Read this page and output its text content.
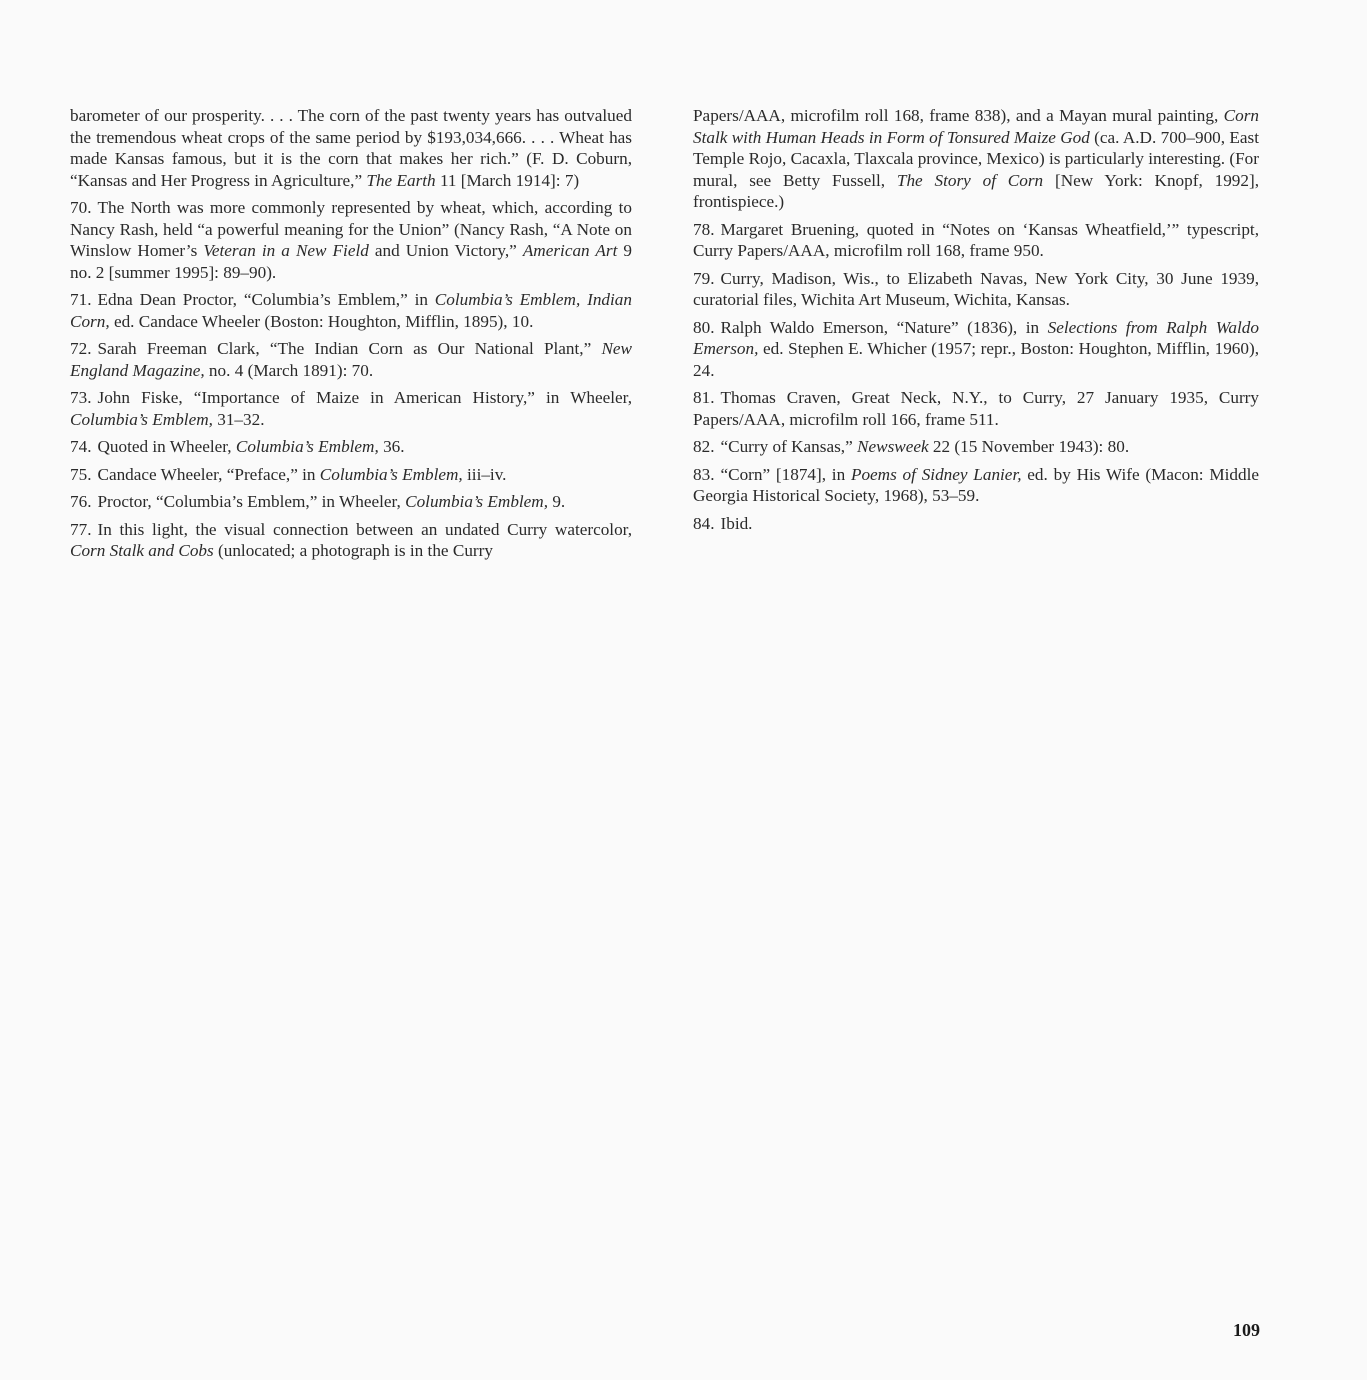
barometer of our prosperity. . . . The corn of the past twenty years has outvalued the tremendous wheat crops of the same period by $193,034,666. . . . Wheat has made Kansas famous, but it is the corn that makes her rich.” (F. D. Coburn, “Kansas and Her Progress in Agriculture,” The Earth 11 [March 1914]: 7)

70. The North was more commonly represented by wheat, which, according to Nancy Rash, held “a powerful meaning for the Union” (Nancy Rash, “A Note on Winslow Homer’s Veteran in a New Field and Union Victory,” American Art 9 no. 2 [summer 1995]: 89–90).

71. Edna Dean Proctor, “Columbia’s Emblem,” in Columbia’s Emblem, Indian Corn, ed. Candace Wheeler (Boston: Houghton, Mifflin, 1895), 10.

72. Sarah Freeman Clark, “The Indian Corn as Our National Plant,” New England Magazine, no. 4 (March 1891): 70.

73. John Fiske, “Importance of Maize in American History,” in Wheeler, Columbia’s Emblem, 31–32.

74. Quoted in Wheeler, Columbia’s Emblem, 36.

75. Candace Wheeler, “Preface,” in Columbia’s Emblem, iii–iv.

76. Proctor, “Columbia’s Emblem,” in Wheeler, Columbia’s Emblem, 9.

77. In this light, the visual connection between an undated Curry watercolor, Corn Stalk and Cobs (unlocated; a photograph is in the Curry

Papers/AAA, microfilm roll 168, frame 838), and a Mayan mural painting, Corn Stalk with Human Heads in Form of Tonsured Maize God (ca. A.D. 700–900, East Temple Rojo, Cacaxla, Tlaxcala province, Mexico) is particularly interesting. (For mural, see Betty Fussell, The Story of Corn [New York: Knopf, 1992], frontispiece.)

78. Margaret Bruening, quoted in “Notes on ‘Kansas Wheatfield,’” typescript, Curry Papers/AAA, microfilm roll 168, frame 950.

79. Curry, Madison, Wis., to Elizabeth Navas, New York City, 30 June 1939, curatorial files, Wichita Art Museum, Wichita, Kansas.

80. Ralph Waldo Emerson, “Nature” (1836), in Selections from Ralph Waldo Emerson, ed. Stephen E. Whicher (1957; repr., Boston: Houghton, Mifflin, 1960), 24.

81. Thomas Craven, Great Neck, N.Y., to Curry, 27 January 1935, Curry Papers/AAA, microfilm roll 166, frame 511.

82. “Curry of Kansas,” Newsweek 22 (15 November 1943): 80.

83. “Corn” [1874], in Poems of Sidney Lanier, ed. by His Wife (Macon: Middle Georgia Historical Society, 1968), 53–59.

84. Ibid.

109
